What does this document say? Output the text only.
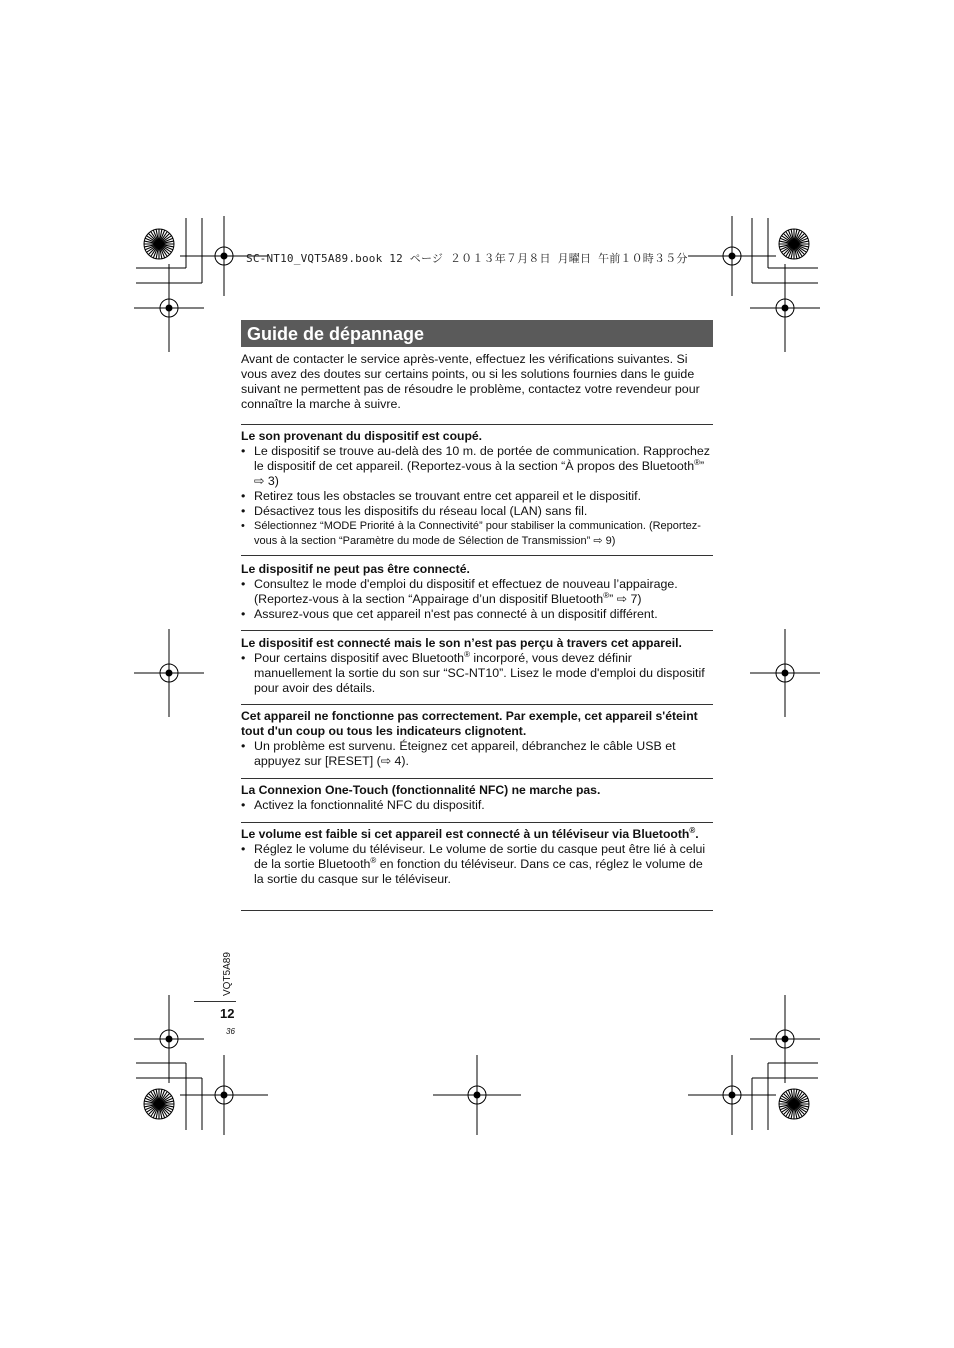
SC-NT10_VQT5A89.book 12 ページ ２０１３年７月８日 月曜日 午前１０時３５分
Guide de dépannage

Avant de contacter le service après-vente, effectuez les vérifications suivantes. Si vous avez des doutes sur certains points, ou si les solutions fournies dans le guide suivant ne permettent pas de résoudre le problème, contactez votre revendeur pour connaître la marche à suivre.

Le son provenant du dispositif est coupé.

• Le dispositif se trouve au-delà des 10 m. de portée de communication. Rapprochez le dispositif de cet appareil. (Reportez-vous à la section “À propos des Bluetooth®” ⇨ 3)
• Retirez tous les obstacles se trouvant entre cet appareil et le dispositif.
• Désactivez tous les dispositifs du réseau local (LAN) sans fil.
• Sélectionnez “MODE Priorité à la Connectivité” pour stabiliser la communication. (Reportez-vous à la section “Paramètre du mode de Sélection de Transmission” ⇨ 9)

Le dispositif ne peut pas être connecté.

• Consultez le mode d'emploi du dispositif et effectuez de nouveau l’appairage. (Reportez-vous à la section “Appairage d’un dispositif Bluetooth®” ⇨ 7)
• Assurez-vous que cet appareil n'est pas connecté à un dispositif différent.

Le dispositif est connecté mais le son n’est pas perçu à travers cet appareil.

• Pour certains dispositif avec Bluetooth® incorporé, vous devez définir manuellement la sortie du son sur “SC-NT10”. Lisez le mode d'emploi du dispositif pour avoir des détails.

Cet appareil ne fonctionne pas correctement. Par exemple, cet appareil s'éteint tout d'un coup ou tous les indicateurs clignotent.

• Un problème est survenu. Éteignez cet appareil, débranchez le câble USB et appuyez sur [RESET] (⇨ 4).

La Connexion One-Touch (fonctionnalité NFC) ne marche pas.

• Activez la fonctionnalité NFC du dispositif.

Le volume est faible si cet appareil est connecté à un téléviseur via Bluetooth®.

• Réglez le volume du téléviseur. Le volume de sortie du casque peut être lié à celui de la sortie Bluetooth® en fonction du téléviseur. Dans ce cas, réglez le volume de la sortie du casque sur le téléviseur.
VQT5A89
12
36
